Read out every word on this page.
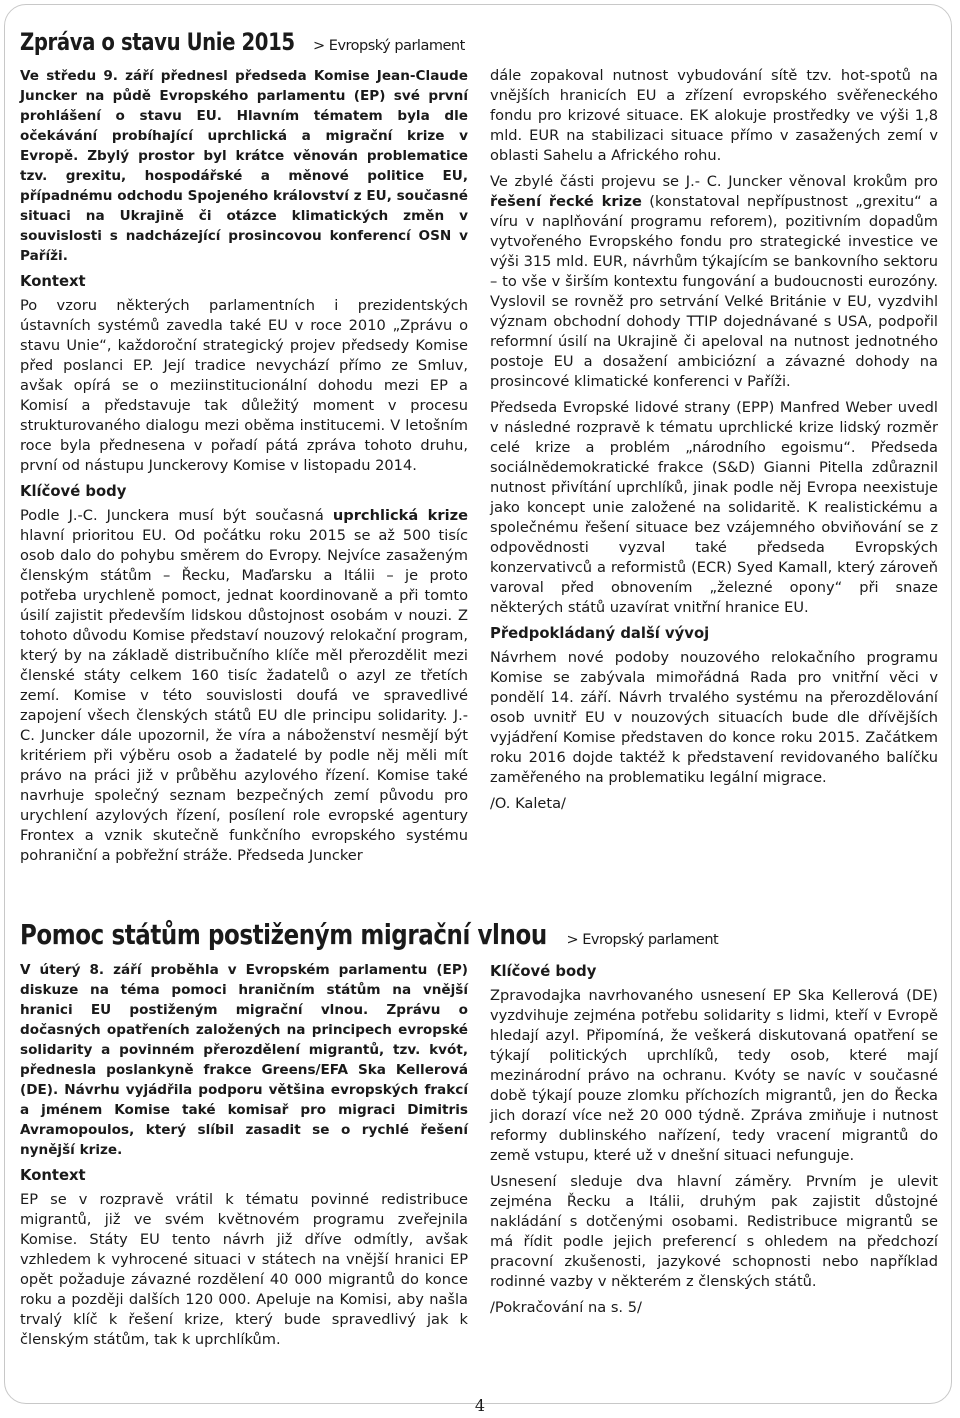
Zpráva o stavu Unie 2015 > Evropský parlament

Ve středu 9. září přednesl předseda Komise Jean-Claude Juncker na půdě Evropského parlamentu (EP) své první prohlášení o stavu EU. Hlavním tématem byla dle očekávání probíhající uprchlická a migrační krize v Evropě. Zbylý prostor byl krátce věnován problematice tzv. grexitu, hospodářské a měnové politice EU, případnému odchodu Spojeného království z EU, současné situaci na Ukrajině či otázce klimatických změn v souvislosti s nadcházející prosincovou konferencí OSN v Paříži.

Kontext

Po vzoru některých parlamentních i prezidentských ústavních systémů zavedla také EU v roce 2010 „Zprávu o stavu Unie“, každoroční strategický projev předsedy Komise před poslanci EP. Její tradice nevychází přímo ze Smluv, avšak opírá se o meziinstitucionální dohodu mezi EP a Komisí a představuje tak důležitý moment v procesu strukturovaného dialogu mezi oběma institucemi. V letošním roce byla přednesena v pořadí pátá zpráva tohoto druhu, první od nástupu Junckerovy Komise v listopadu 2014.

Klíčové body

Podle J.-C. Junckera musí být současná uprchlická krize hlavní prioritou EU. Od počátku roku 2015 se až 500 tisíc osob dalo do pohybu směrem do Evropy. Nejvíce zasaženým členským státům – Řecku, Maďarsku a Itálii – je proto potřeba urychleně pomoct, jednat koordinovaně a při tomto úsilí zajistit především lidskou důstojnost osobám v nouzi. Z tohoto důvodu Komise představí nouzový relokační program, který by na základě distribučního klíče měl přerozdělit mezi členské státy celkem 160 tisíc žadatelů o azyl ze třetích zemí. Komise v této souvislosti doufá ve spravedlivé zapojení všech členských států EU dle principu solidarity. J.-C. Juncker dále upozornil, že víra a náboženství nesmějí být kritériem při výběru osob a žadatelé by podle něj měli mít právo na práci již v průběhu azylového řízení. Komise také navrhuje společný seznam bezpečných zemí původu pro urychlení azylových řízení, posílení role evropské agentury Frontex a vznik skutečně funkčního evropského systému pohraniční a pobřežní stráže. Předseda Juncker

dále zopakoval nutnost vybudování sítě tzv. hot-spotů na vnějších hranicích EU a zřízení evropského svěřeneckého fondu pro krizové situace. EK alokuje prostředky ve výši 1,8 mld. EUR na stabilizaci situace přímo v zasažených zemí v oblasti Sahelu a Afrického rohu.

Ve zbylé části projevu se J.- C. Juncker věnoval krokům pro řešení řecké krize (konstatoval nepřípustnost „grexitu“ a víru v naplňování programu reforem), pozitivním dopadům vytvořeného Evropského fondu pro strategické investice ve výši 315 mld. EUR, návrhům týkajícím se bankovního sektoru – to vše v širším kontextu fungování a budoucnosti eurozóny. Vyslovil se rovněž pro setrvání Velké Británie v EU, vyzdvihl význam obchodní dohody TTIP dojednávané s USA, podpořil reformní úsilí na Ukrajině či apeloval na nutnost jednotného postoje EU a dosažení ambiciózní a závazné dohody na prosincové klimatické konferenci v Paříži.

Předseda Evropské lidové strany (EPP) Manfred Weber uvedl v následné rozpravě k tématu uprchlické krize lidský rozměr celé krize a problém „národního egoismu“. Předseda sociálnědemokratické frakce (S&D) Gianni Pitella zdůraznil nutnost přivítání uprchlíků, jinak podle něj Evropa neexistuje jako koncept unie založené na solidaritě. K realistickému a společnému řešení situace bez vzájemného obviňování se z odpovědnosti vyzval také předseda Evropských konzervativců a reformistů (ECR) Syed Kamall, který zároveň varoval před obnovením „železné opony“ při snaze některých států uzavírat vnitřní hranice EU.

Předpokládaný další vývoj

Návrhem nové podoby nouzového relokačního programu Komise se zabývala mimořádná Rada pro vnitřní věci v pondělí 14. září. Návrh trvalého systému na přerozdělování osob uvnitř EU v nouzových situacích bude dle dřívějších vyjádření Komise představen do konce roku 2015. Začátkem roku 2016 dojde taktéž k představení revidovaného balíčku zaměřeného na problematiku legální migrace.

/O. Kaleta/

Pomoc státům postiženým migrační vlnou > Evropský parlament

V úterý 8. září proběhla v Evropském parlamentu (EP) diskuze na téma pomoci hraničním státům na vnější hranici EU postiženým migrační vlnou. Zprávu o dočasných opatřeních založených na principech evropské solidarity a povinném přerozdělení migrantů, tzv. kvót, přednesla poslankyně frakce Greens/EFA Ska Kellerová (DE). Návrhu vyjádřila podporu většina evropských frakcí a jménem Komise také komisař pro migraci Dimitris Avramopoulos, který slíbil zasadit se o rychlé řešení nynější krize.

Kontext

EP se v rozpravě vrátil k tématu povinné redistribuce migrantů, již ve svém květnovém programu zveřejnila Komise. Státy EU tento návrh již dříve odmítly, avšak vzhledem k vyhrocené situaci v státech na vnější hranici EP opět požaduje závazné rozdělení 40 000 migrantů do konce roku a později dalších 120 000. Apeluje na Komisi, aby našla trvalý klíč k řešení krize, který bude spravedlivý jak k členským státům, tak k uprchlíkům.

Klíčové body

Zpravodajka navrhovaného usnesení EP Ska Kellerová (DE) vyzdvihuje zejména potřebu solidarity s lidmi, kteří v Evropě hledají azyl. Připomíná, že veškerá diskutovaná opatření se týkají politických uprchlíků, tedy osob, které mají mezinárodní právo na ochranu. Kvóty se navíc v současné době týkají pouze zlomku příchozích migrantů, jen do Řecka jich dorazí více než 20 000 týdně. Zpráva zmiňuje i nutnost reformy dublinského nařízení, tedy vracení migrantů do země vstupu, které už v dnešní situaci nefunguje.

Usnesení sleduje dva hlavní záměry. Prvním je ulevit zejména Řecku a Itálii, druhým pak zajistit důstojné nakládání s dotčenými osobami. Redistribuce migrantů se má řídit podle jejich preferencí s ohledem na předchozí pracovní zkušenosti, jazykové schopnosti nebo například rodinné vazby v některém z členských států.

/Pokračování na s. 5/

4
